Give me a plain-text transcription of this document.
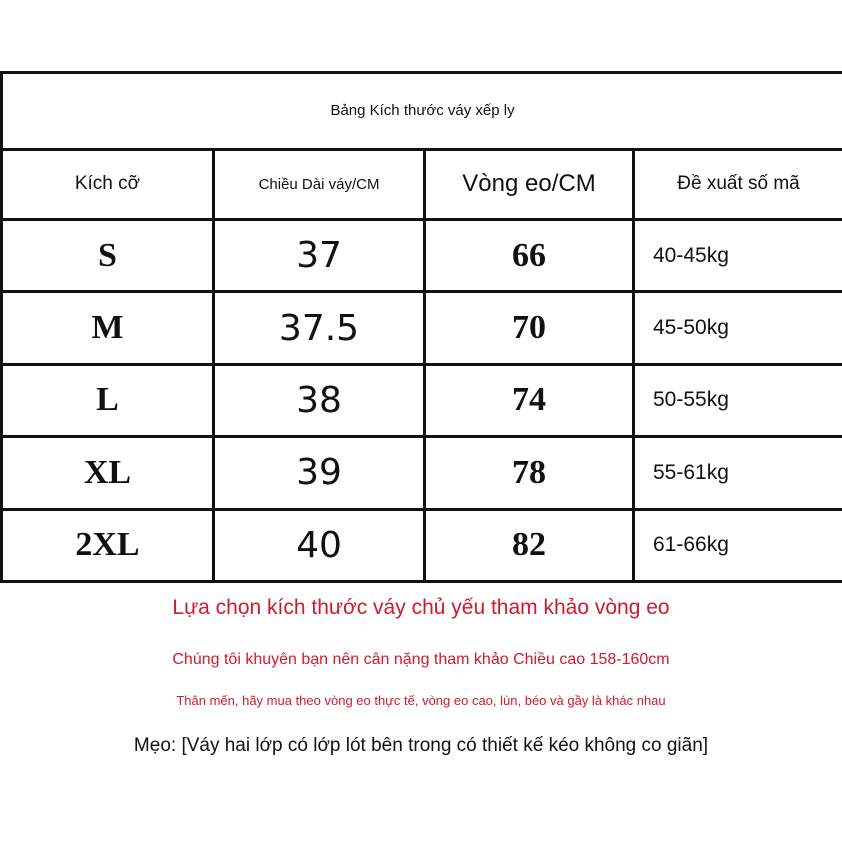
Bảng Kích thước váy xếp ly			
Kích cỡ	Chiều Dài váy/CM	Vòng eo/CM	Đề xuất số mã
S	37	66	40-45kg
M	37.5	70	45-50kg
L	38	74	50-55kg
XL	39	78	55-61kg
2XL	40	82	61-66kg
Lựa chọn kích thước váy chủ yếu tham khảo vòng eo
Chúng tôi khuyên bạn nên cân nặng tham khảo Chiều cao 158-160cm
Thân mến, hãy mua theo vòng eo thực tế, vòng eo cao, lùn, béo và gầy là khác nhau
Mẹo: [Váy hai lớp có lớp lót bên trong có thiết kế kéo không co giãn]
